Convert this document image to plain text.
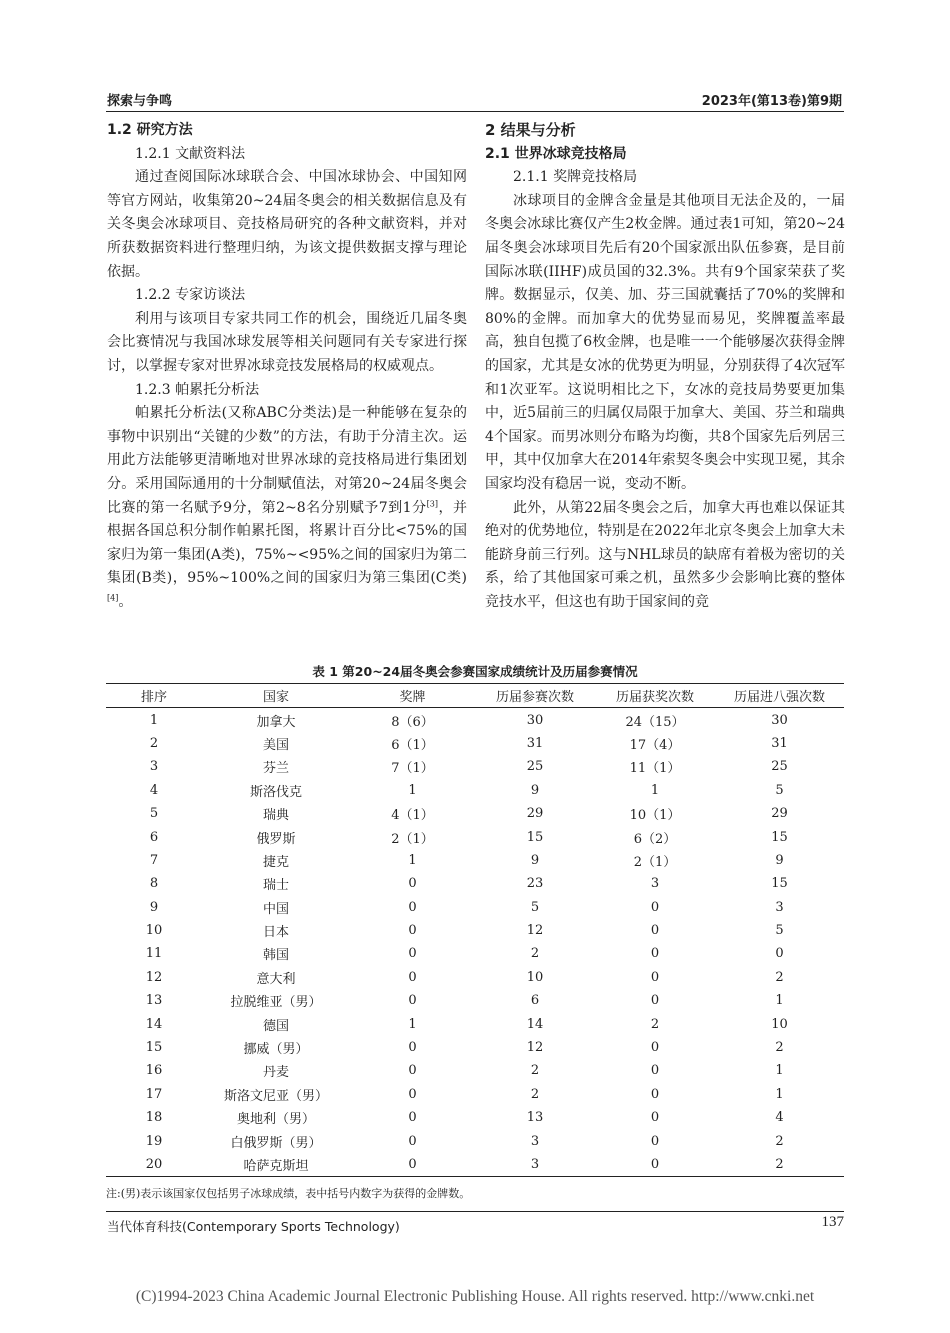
探索与争鸣	2023年(第13卷)第9期

1.2 研究方法

1.2.1 文献资料法

通过查阅国际冰球联合会、中国冰球协会、中国知网等官方网站，收集第20~24届冬奥会的相关数据信息及有关冬奥会冰球项目、竞技格局研究的各种文献资料，并对所获数据资料进行整理归纳，为该文提供数据支撑与理论依据。

1.2.2 专家访谈法

利用与该项目专家共同工作的机会，围绕近几届冬奥会比赛情况与我国冰球发展等相关问题同有关专家进行探讨，以掌握专家对世界冰球竞技发展格局的权威观点。

1.2.3 帕累托分析法

帕累托分析法(又称ABC分类法)是一种能够在复杂的事物中识别出“关键的少数”的方法，有助于分清主次。运用此方法能够更清晰地对世界冰球的竞技格局进行集团划分。采用国际通用的十分制赋值法，对第20~24届冬奥会比赛的第一名赋予9分，第2~8名分别赋予7到1分[3]，并根据各国总积分制作帕累托图，将累计百分比<75%的国家归为第一集团(A类)，75%~<95%之间的国家归为第二集团(B类)，95%~100%之间的国家归为第三集团(C类)[4]。

2 结果与分析

2.1 世界冰球竞技格局

2.1.1 奖牌竞技格局

冰球项目的金牌含金量是其他项目无法企及的，一届冬奥会冰球比赛仅产生2枚金牌。通过表1可知，第20~24届冬奥会冰球项目先后有20个国家派出队伍参赛，是目前国际冰联(IIHF)成员国的32.3%。共有9个国家荣获了奖牌。数据显示，仅美、加、芬三国就囊括了70%的奖牌和80%的金牌。而加拿大的优势显而易见，奖牌覆盖率最高，独自包揽了6枚金牌，也是唯一一个能够屡次获得金牌的国家，尤其是女冰的优势更为明显，分别获得了4次冠军和1次亚军。这说明相比之下，女冰的竞技局势要更加集中，近5届前三的归属仅局限于加拿大、美国、芬兰和瑞典4个国家。而男冰则分布略为均衡，共8个国家先后列居三甲，其中仅加拿大在2014年索契冬奥会中实现卫冕，其余国家均没有稳居一说，变动不断。

此外，从第22届冬奥会之后，加拿大再也难以保证其绝对的优势地位，特别是在2022年北京冬奥会上加拿大未能跻身前三行列。这与NHL球员的缺席有着极为密切的关系，给了其他国家可乘之机，虽然多少会影响比赛的整体竞技水平，但这也有助于国家间的竞

表 1 第20~24届冬奥会参赛国家成绩统计及历届参赛情况
排序	国家	奖牌	历届参赛次数	历届获奖次数	历届进八强次数
1	加拿大	8（6）	30	24（15）	30
2	美国	6（1）	31	17（4）	31
3	芬兰	7（1）	25	11（1）	25
4	斯洛伐克	1	9	1	5
5	瑞典	4（1）	29	10（1）	29
6	俄罗斯	2（1）	15	6（2）	15
7	捷克	1	9	2（1）	9
8	瑞士	0	23	3	15
9	中国	0	5	0	3
10	日本	0	12	0	5
11	韩国	0	2	0	0
12	意大利	0	10	0	2
13	拉脱维亚（男）	0	6	0	1
14	德国	1	14	2	10
15	挪威（男）	0	12	0	2
16	丹麦	0	2	0	1
17	斯洛文尼亚（男）	0	2	0	1
18	奥地利（男）	0	13	0	4
19	白俄罗斯（男）	0	3	0	2
20	哈萨克斯坦	0	3	0	2
注:(男)表示该国家仅包括男子冰球成绩，表中括号内数字为获得的金牌数。
当代体育科技(Contemporary Sports Technology)	137
(C)1994-2023 China Academic Journal Electronic Publishing House. All rights reserved. http://www.cnki.net
